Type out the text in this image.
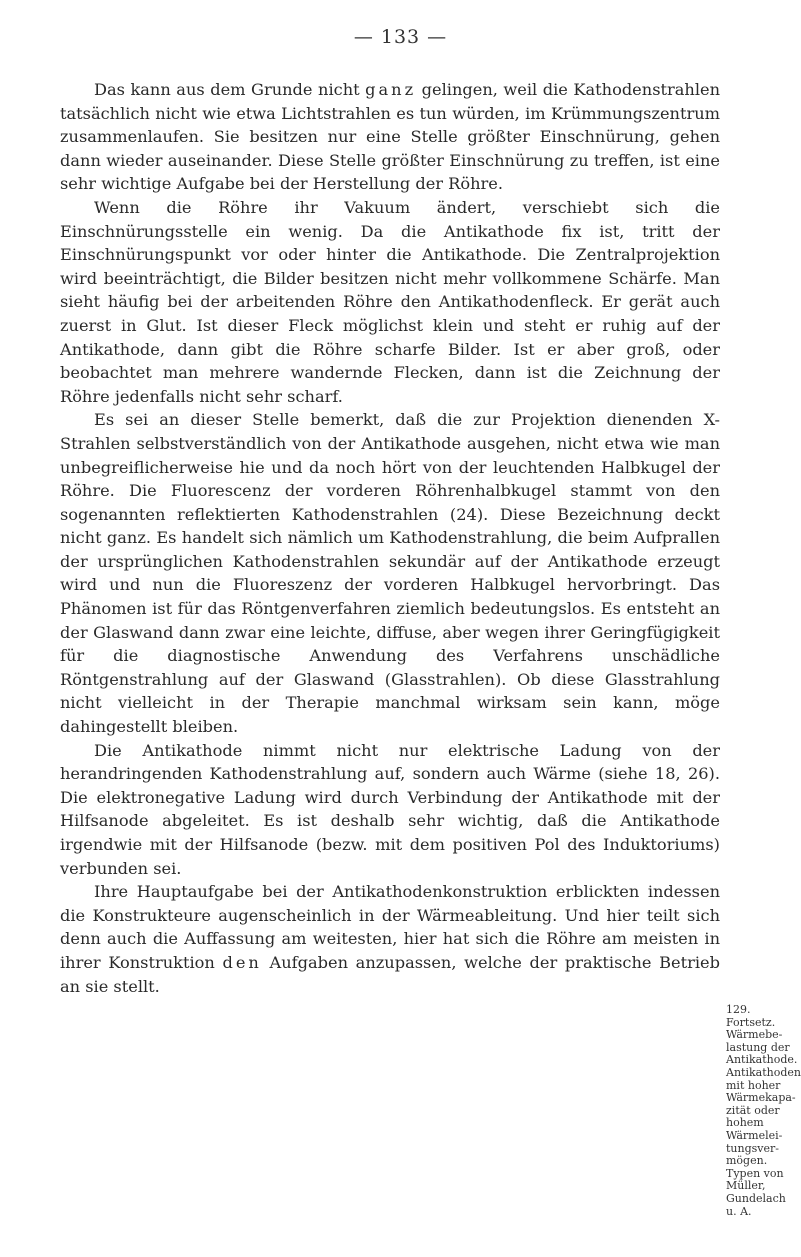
— 133 —

Das kann aus dem Grunde nicht ganz gelingen, weil die Kathodenstrahlen tatsächlich nicht wie etwa Lichtstrahlen es tun würden, im Krümmungszentrum zusammenlaufen. Sie besitzen nur eine Stelle größter Einschnürung, gehen dann wieder auseinander. Diese Stelle größter Einschnürung zu treffen, ist eine sehr wichtige Aufgabe bei der Herstellung der Röhre.

Wenn die Röhre ihr Vakuum ändert, verschiebt sich die Einschnürungsstelle ein wenig. Da die Antikathode fix ist, tritt der Einschnürungspunkt vor oder hinter die Antikathode. Die Zentralprojektion wird beeinträchtigt, die Bilder besitzen nicht mehr vollkommene Schärfe. Man sieht häufig bei der arbeitenden Röhre den Antikathodenfleck. Er gerät auch zuerst in Glut. Ist dieser Fleck möglichst klein und steht er ruhig auf der Antikathode, dann gibt die Röhre scharfe Bilder. Ist er aber groß, oder beobachtet man mehrere wandernde Flecken, dann ist die Zeichnung der Röhre jedenfalls nicht sehr scharf.

Es sei an dieser Stelle bemerkt, daß die zur Projektion dienenden X-Strahlen selbstverständlich von der Antikathode ausgehen, nicht etwa wie man unbegreiflicherweise hie und da noch hört von der leuchtenden Halbkugel der Röhre. Die Fluorescenz der vorderen Röhrenhalbkugel stammt von den sogenannten reflektierten Kathodenstrahlen (24). Diese Bezeichnung deckt nicht ganz. Es handelt sich nämlich um Kathodenstrahlung, die beim Aufprallen der ursprünglichen Kathodenstrahlen sekundär auf der Antikathode erzeugt wird und nun die Fluoreszenz der vorderen Halbkugel hervorbringt. Das Phänomen ist für das Röntgenverfahren ziemlich bedeutungslos. Es entsteht an der Glaswand dann zwar eine leichte, diffuse, aber wegen ihrer Geringfügigkeit für die diagnostische Anwendung des Verfahrens unschädliche Röntgenstrahlung auf der Glaswand (Glasstrahlen). Ob diese Glasstrahlung nicht vielleicht in der Therapie manchmal wirksam sein kann, möge dahingestellt bleiben.

Die Antikathode nimmt nicht nur elektrische Ladung von der herandringenden Kathodenstrahlung auf, sondern auch Wärme (siehe 18, 26). Die elektronegative Ladung wird durch Verbindung der Antikathode mit der Hilfsanode abgeleitet. Es ist deshalb sehr wichtig, daß die Antikathode irgendwie mit der Hilfsanode (bezw. mit dem positiven Pol des Induktoriums) verbunden sei.

Ihre Hauptaufgabe bei der Antikathodenkonstruktion erblickten indessen die Konstrukteure augenscheinlich in der Wärmeableitung. Und hier teilt sich denn auch die Auffassung am weitesten, hier hat sich die Röhre am meisten in ihrer Konstruktion den Aufgaben anzupassen, welche der praktische Betrieb an sie stellt.

129. Fortsetz.
Wärmebe-
lastung der
Antikathode.
Antikathoden
mit hoher
Wärmekapa-
zität oder
hohem
Wärmelei-
tungsver-
mögen.
Typen von
Müller,
Gundelach
u. A.
